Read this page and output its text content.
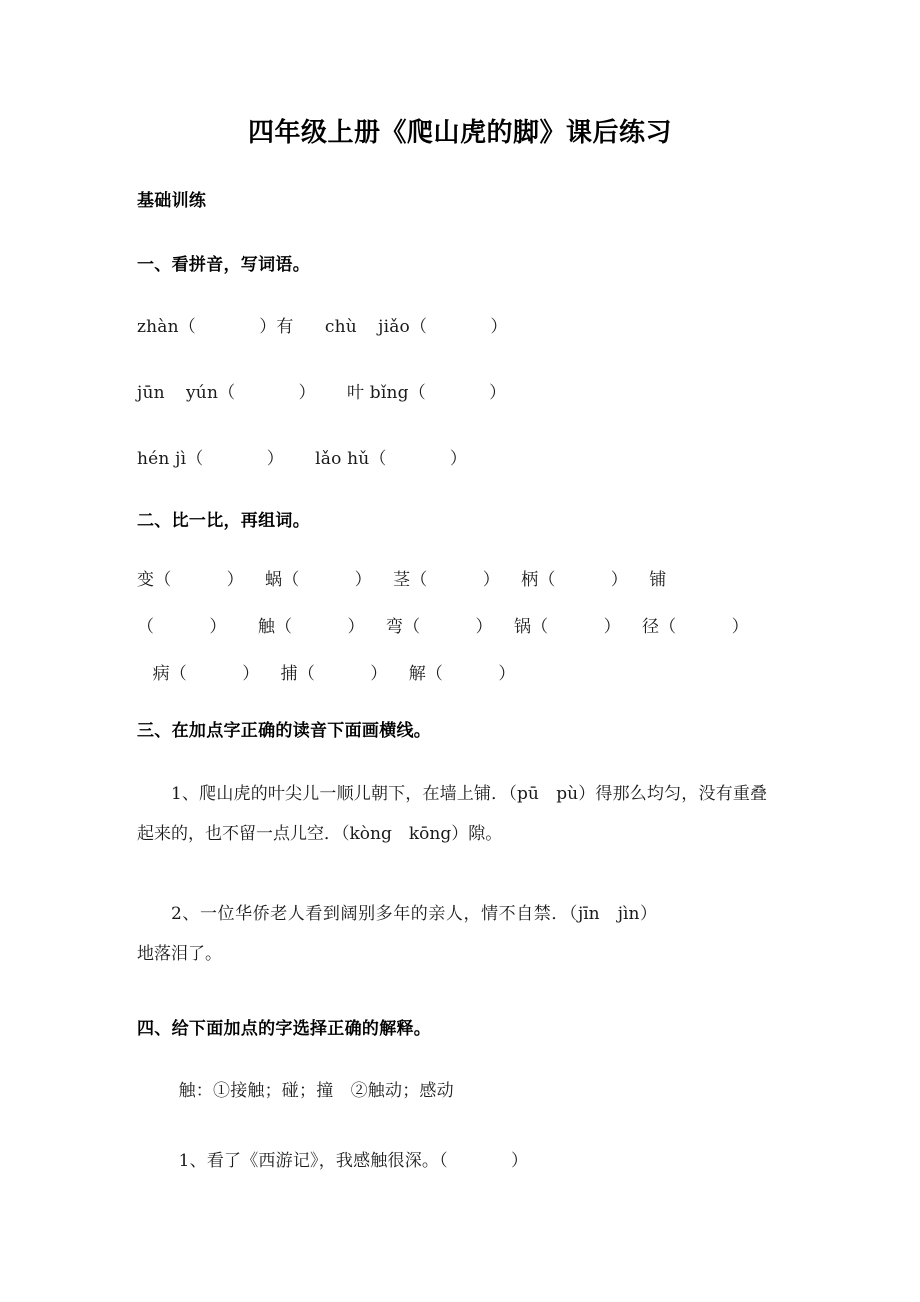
四年级上册《爬山虎的脚》课后练习
基础训练
一、看拼音，写词语。
zhàn（	）有 chù jiǎo（	）
jūn yún（	） 叶 bǐng（	）
hén jì（	） lǎo hǔ（	）
二、比一比，再组词。
变（	） 蜗（	） 茎（	） 柄（	） 铺
（	） 触（	） 弯（	） 锅（	） 径（	）
病（	） 捕（	） 解（	）
三、在加点字正确的读音下面画横线。
1、爬山虎的叶尖儿一顺儿朝下，在墙上铺．（pū　pù）得那么均匀，没有重叠起来的，也不留一点儿空．（kòng　kōng）隙。
2、一位华侨老人看到阔别多年的亲人，情不自禁．（jīn　jìn）地落泪了。
四、给下面加点的字选择正确的解释。
触：①接触；碰；撞　②触动；感动
1、看了《西游记》，我感触很深。（	）
